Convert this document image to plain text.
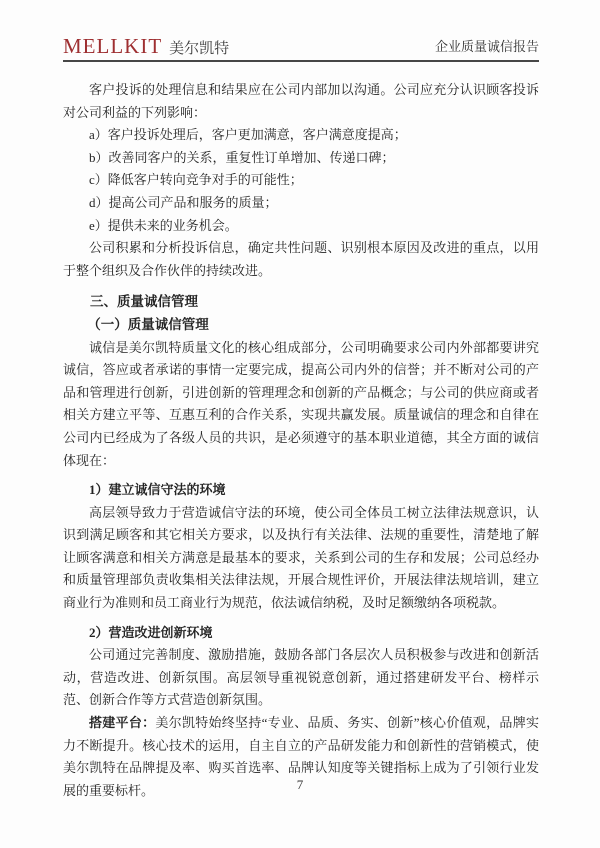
MELLKIT 美尔凯特	企业质量诚信报告

客户投诉的处理信息和结果应在公司内部加以沟通。公司应充分认识顾客投诉对公司利益的下列影响：

a）客户投诉处理后，客户更加满意，客户满意度提高；

b）改善同客户的关系，重复性订单增加、传递口碑；

c）降低客户转向竞争对手的可能性；

d）提高公司产品和服务的质量；

e）提供未来的业务机会。

公司积累和分析投诉信息，确定共性问题、识别根本原因及改进的重点，以用于整个组织及合作伙伴的持续改进。

三、质量诚信管理
（一）质量诚信管理

诚信是美尔凯特质量文化的核心组成部分，公司明确要求公司内外部都要讲究诚信，答应或者承诺的事情一定要完成，提高公司内外的信誉；并不断对公司的产品和管理进行创新，引进创新的管理理念和创新的产品概念；与公司的供应商或者相关方建立平等、互惠互利的合作关系，实现共赢发展。质量诚信的理念和自律在公司内已经成为了各级人员的共识，是必须遵守的基本职业道德，其全方面的诚信体现在：

1）建立诚信守法的环境

高层领导致力于营造诚信守法的环境，使公司全体员工树立法律法规意识，认识到满足顾客和其它相关方要求，以及执行有关法律、法规的重要性，清楚地了解让顾客满意和相关方满意是最基本的要求，关系到公司的生存和发展；公司总经办和质量管理部负责收集相关法律法规，开展合规性评价，开展法律法规培训，建立商业行为准则和员工商业行为规范，依法诚信纳税，及时足额缴纳各项税款。

2）营造改进创新环境

公司通过完善制度、激励措施，鼓励各部门各层次人员积极参与改进和创新活动，营造改进、创新氛围。高层领导重视锐意创新，通过搭建研发平台、榜样示范、创新合作等方式营造创新氛围。

搭建平台：美尔凯特始终坚持“专业、品质、务实、创新”核心价值观，品牌实力不断提升。核心技术的运用，自主自立的产品研发能力和创新性的营销模式，使美尔凯特在品牌提及率、购买首选率、品牌认知度等关键指标上成为了引领行业发展的重要标杆。	7
